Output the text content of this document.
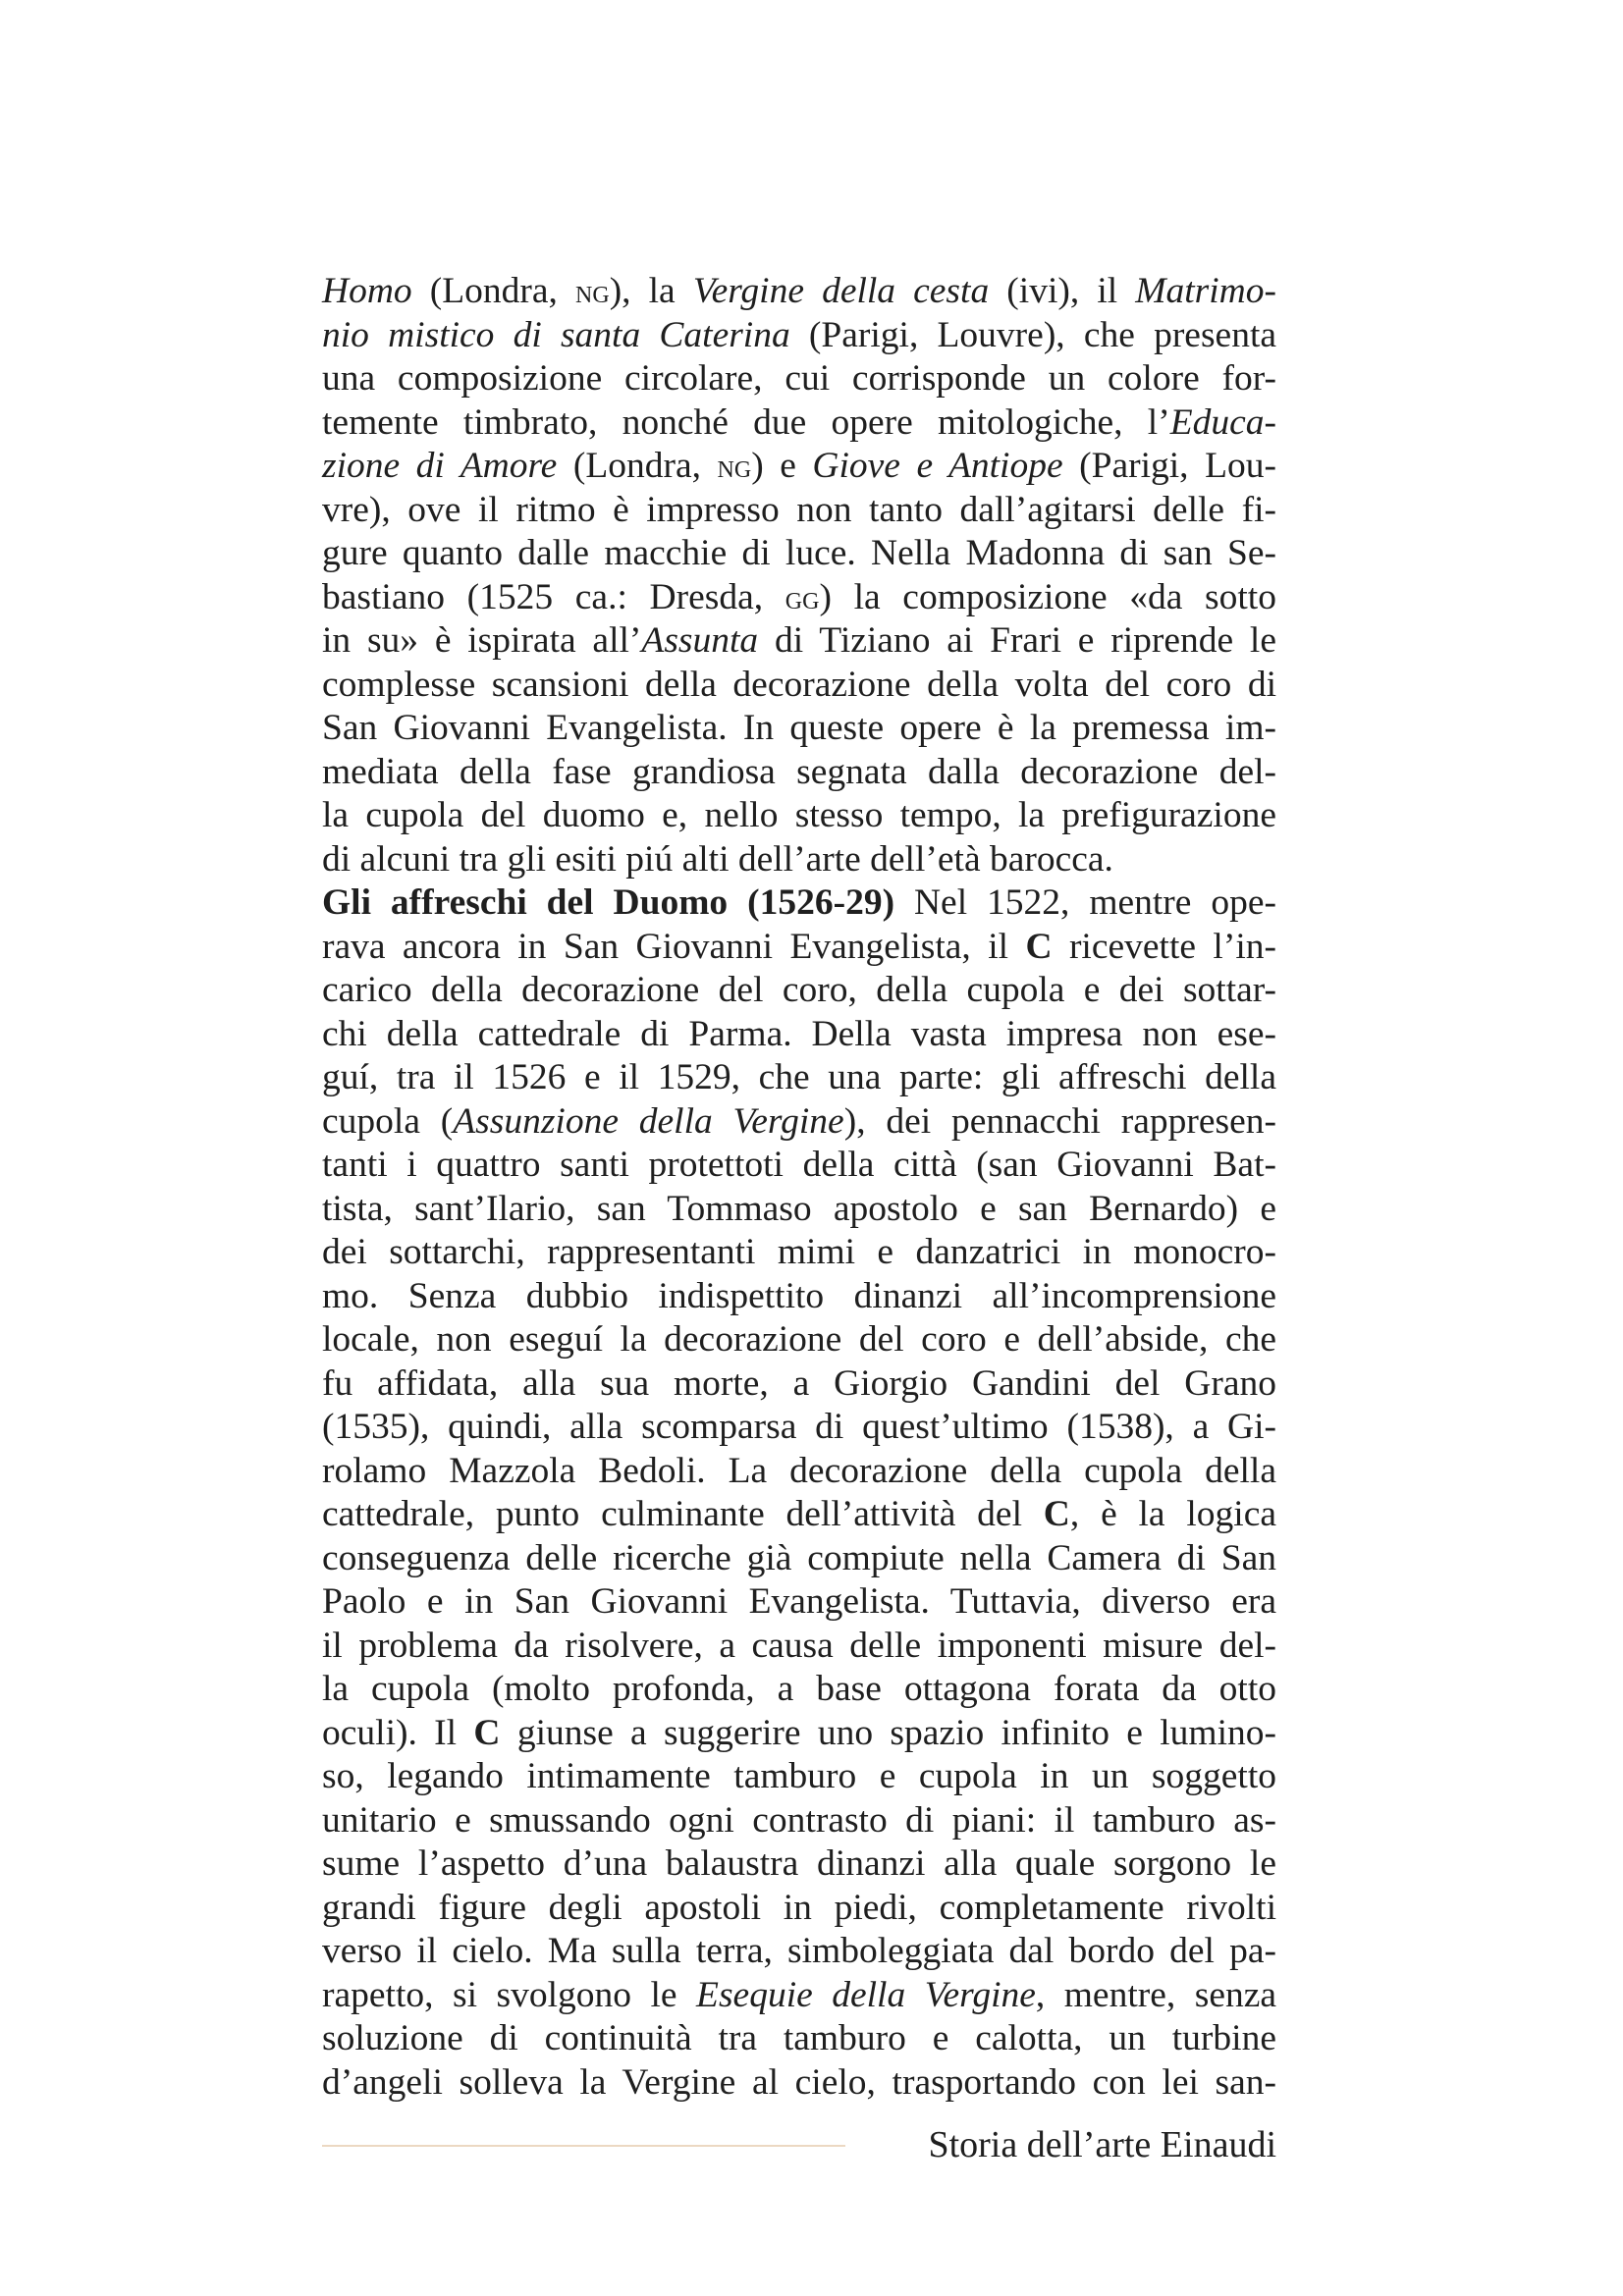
Homo (Londra, ng), la Vergine della cesta (ivi), il Matrimo-
nio mistico di santa Caterina (Parigi, Louvre), che presenta
una composizione circolare, cui corrisponde un colore for-
temente timbrato, nonché due opere mitologiche, l’Educa-
zione di Amore (Londra, ng) e Giove e Antiope (Parigi, Lou-
vre), ove il ritmo è impresso non tanto dall’agitarsi delle fi-
gure quanto dalle macchie di luce. Nella Madonna di san Se-
bastiano (1525 ca.: Dresda, gg) la composizione «da sotto
in su» è ispirata all’Assunta di Tiziano ai Frari e riprende le
complesse scansioni della decorazione della volta del coro di
San Giovanni Evangelista. In queste opere è la premessa im-
mediata della fase grandiosa segnata dalla decorazione del-
la cupola del duomo e, nello stesso tempo, la prefigurazione
di alcuni tra gli esiti piú alti dell’arte dell’età barocca.
Gli affreschi del Duomo (1526-29) Nel 1522, mentre ope-
rava ancora in San Giovanni Evangelista, il C ricevette l’in-
carico della decorazione del coro, della cupola e dei sottar-
chi della cattedrale di Parma. Della vasta impresa non ese-
guí, tra il 1526 e il 1529, che una parte: gli affreschi della
cupola (Assunzione della Vergine), dei pennacchi rappresen-
tanti i quattro santi protettoti della città (san Giovanni Bat-
tista, sant’Ilario, san Tommaso apostolo e san Bernardo) e
dei sottarchi, rappresentanti mimi e danzatrici in monocro-
mo. Senza dubbio indispettito dinanzi all’incomprensione
locale, non eseguí la decorazione del coro e dell’abside, che
fu affidata, alla sua morte, a Giorgio Gandini del Grano
(1535), quindi, alla scomparsa di quest’ultimo (1538), a Gi-
rolamo Mazzola Bedoli. La decorazione della cupola della
cattedrale, punto culminante dell’attività del C, è la logica
conseguenza delle ricerche già compiute nella Camera di San
Paolo e in San Giovanni Evangelista. Tuttavia, diverso era
il problema da risolvere, a causa delle imponenti misure del-
la cupola (molto profonda, a base ottagona forata da otto
oculi). Il C giunse a suggerire uno spazio infinito e lumino-
so, legando intimamente tamburo e cupola in un soggetto
unitario e smussando ogni contrasto di piani: il tamburo as-
sume l’aspetto d’una balaustra dinanzi alla quale sorgono le
grandi figure degli apostoli in piedi, completamente rivolti
verso il cielo. Ma sulla terra, simboleggiata dal bordo del pa-
rapetto, si svolgono le Esequie della Vergine, mentre, senza
soluzione di continuità tra tamburo e calotta, un turbine
d’angeli solleva la Vergine al cielo, trasportando con lei san-
Storia dell’arte Einaudi
